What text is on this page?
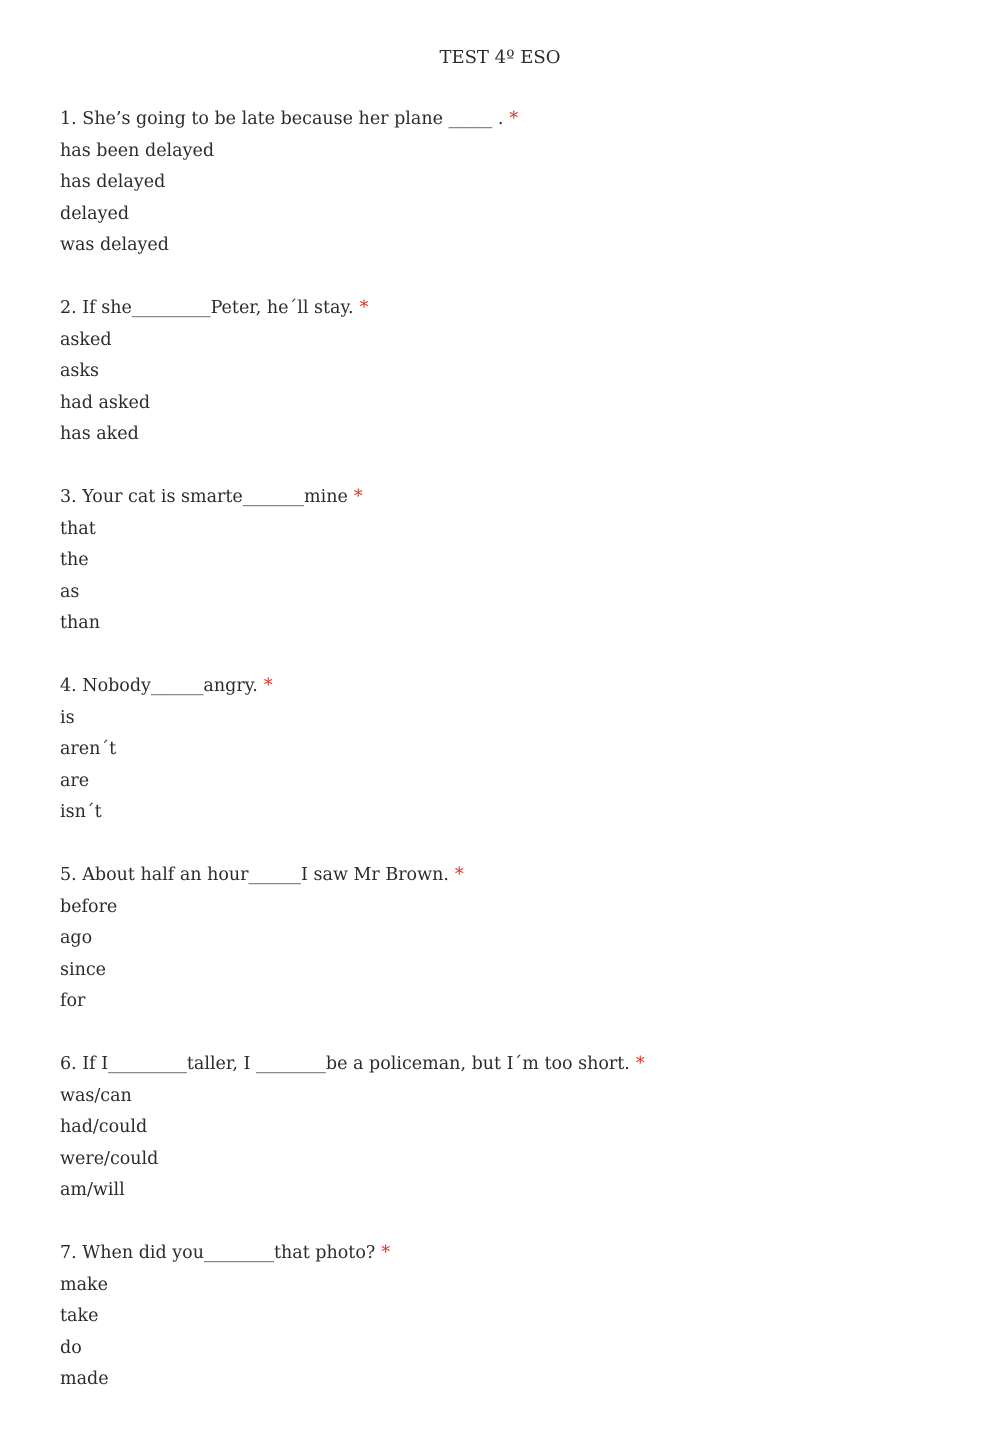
TEST 4º ESO
1. She’s going to be late because her plane _____ . *
has been delayed
has delayed
delayed
was delayed
2. If she_________Peter, he´ll stay. *
asked
asks
had asked
has aked
3. Your cat is smarte_______mine *
that
the
as
than
4. Nobody______angry. *
is
aren´t
are
isn´t
5. About half an hour______I saw Mr Brown. *
before
ago
since
for
6. If I_________taller, I ________be a policeman, but I´m too short. *
was/can
had/could
were/could
am/will
7. When did you________that photo? *
make
take
do
made
